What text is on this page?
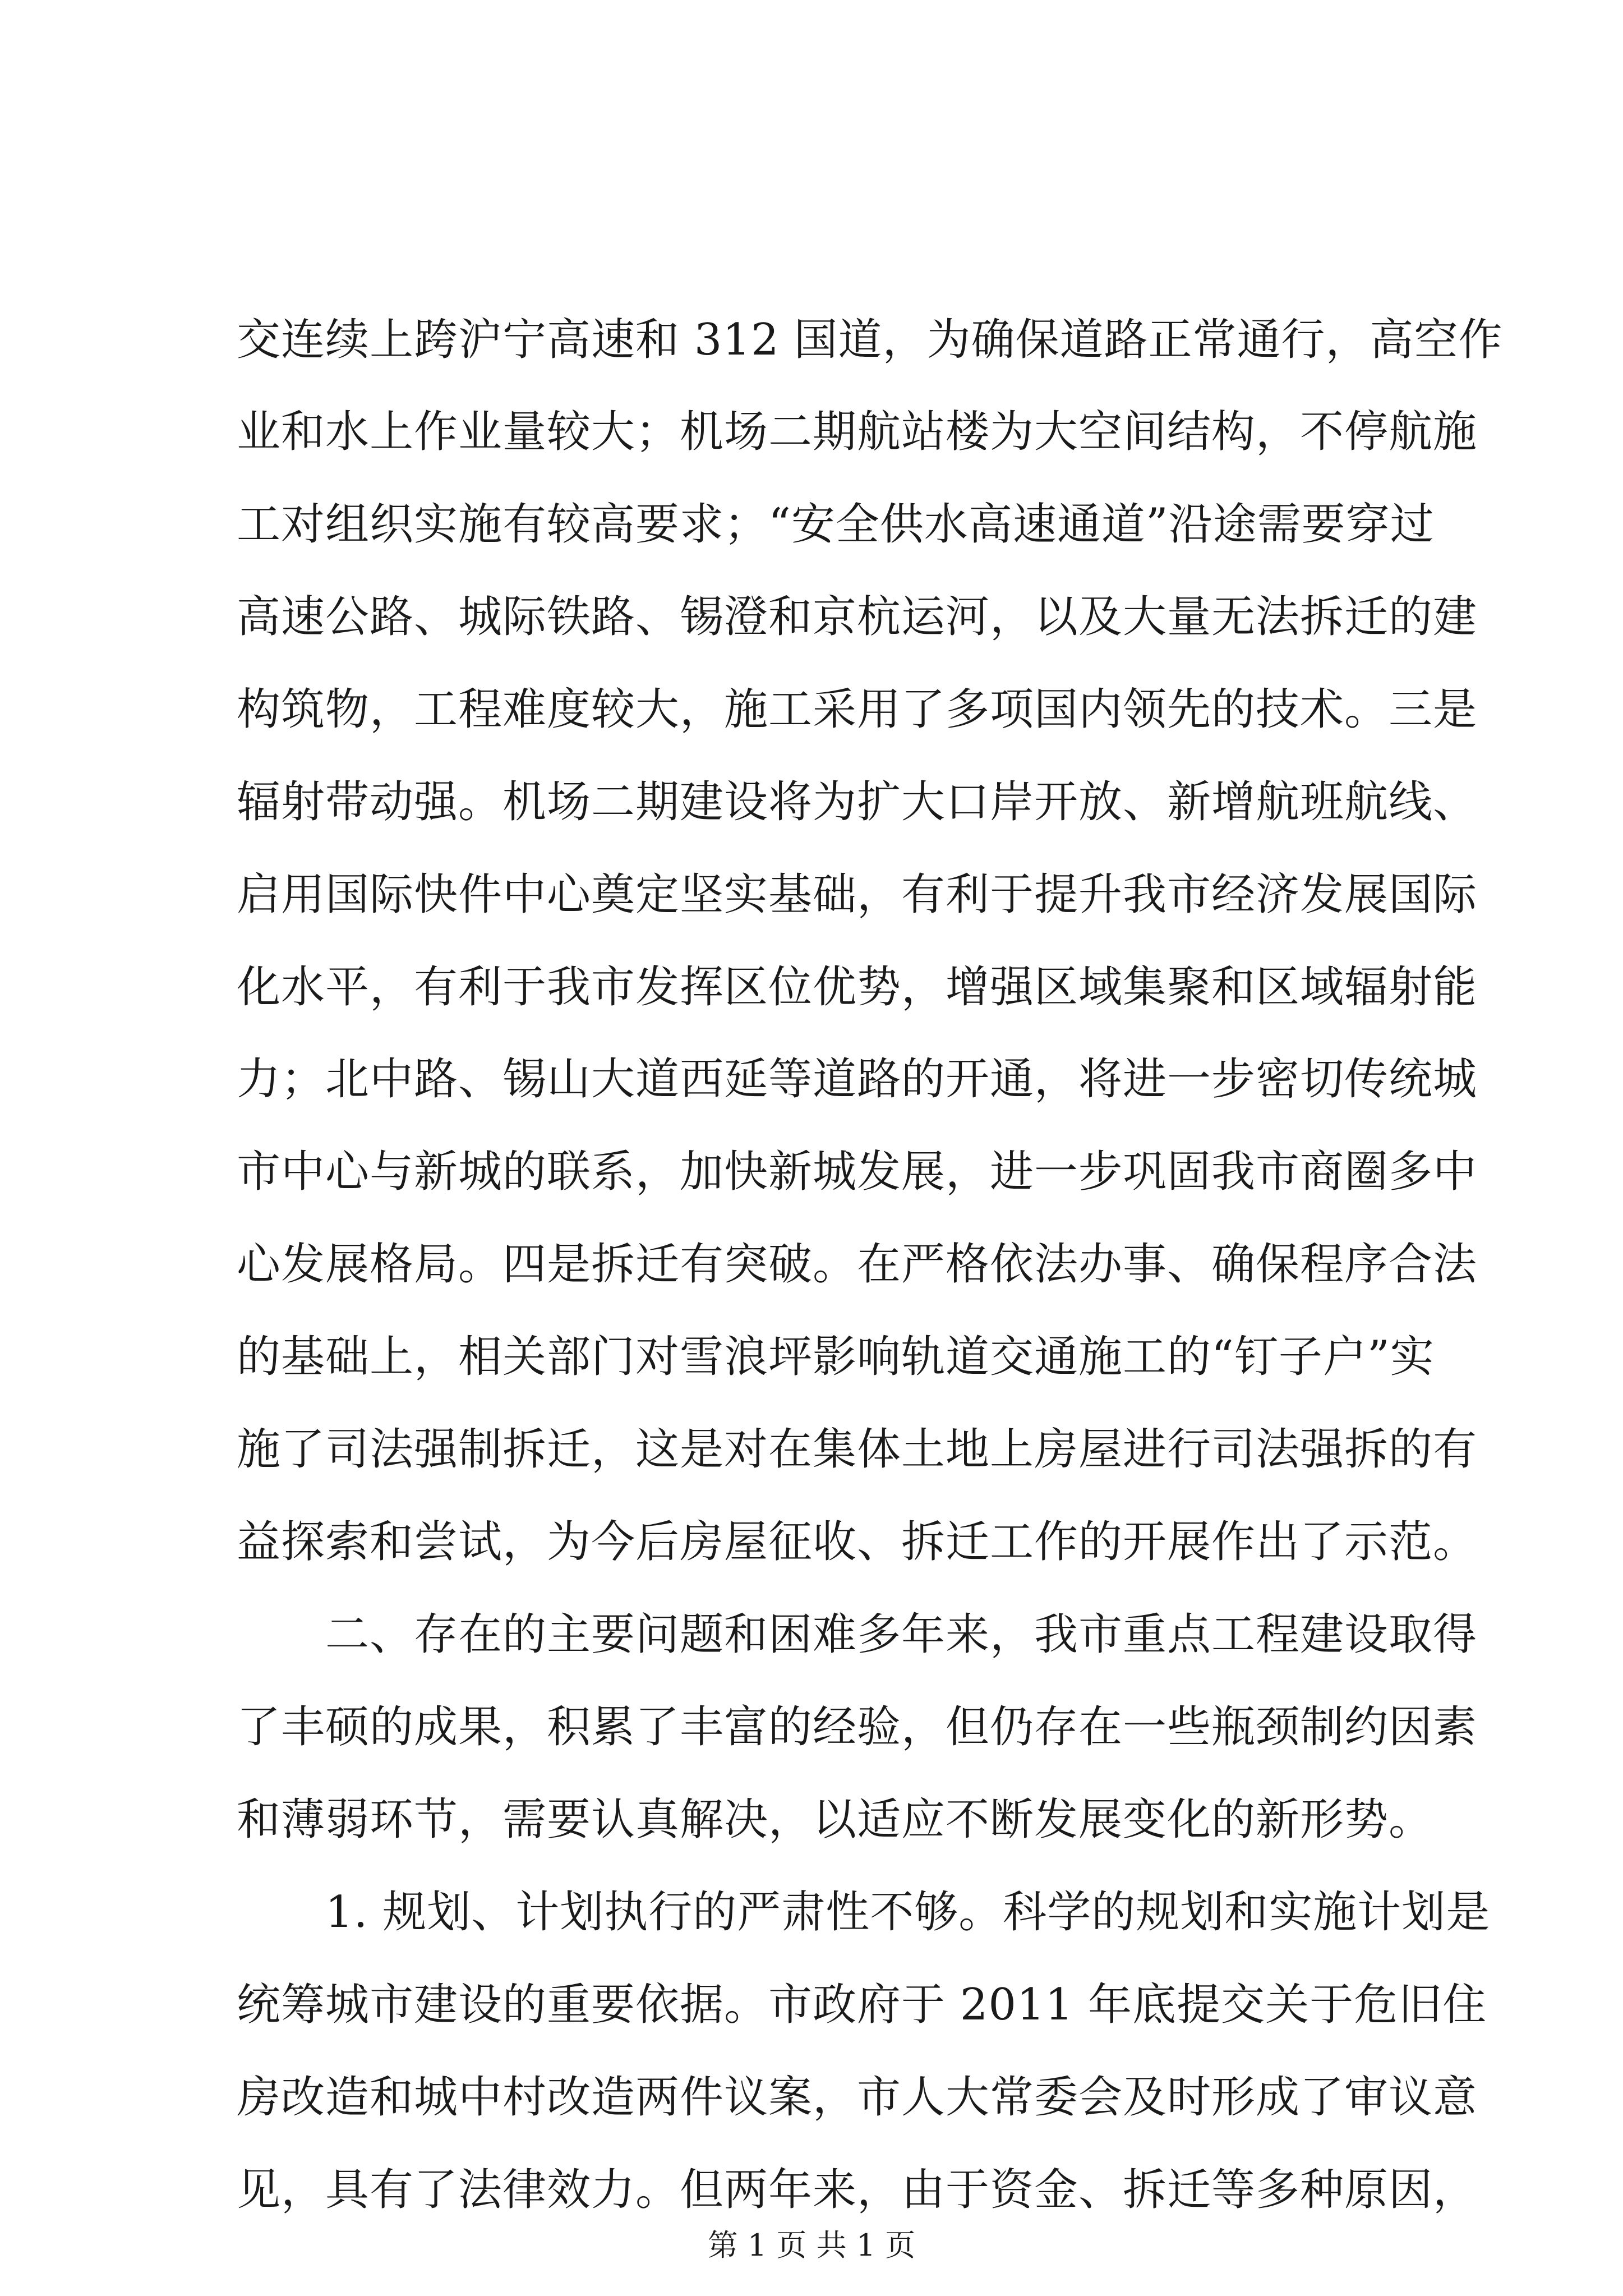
交连续上跨沪宁高速和 312 国道，为确保道路正常通行，高空作
业和水上作业量较大；机场二期航站楼为大空间结构，不停航施
工对组织实施有较高要求；“安全供水高速通道”沿途需要穿过
高速公路、城际铁路、锡澄和京杭运河，以及大量无法拆迁的建
构筑物，工程难度较大，施工采用了多项国内领先的技术。三是
辐射带动强。机场二期建设将为扩大口岸开放、新增航班航线、
启用国际快件中心奠定坚实基础，有利于提升我市经济发展国际
化水平，有利于我市发挥区位优势，增强区域集聚和区域辐射能
力；北中路、锡山大道西延等道路的开通，将进一步密切传统城
市中心与新城的联系，加快新城发展，进一步巩固我市商圈多中
心发展格局。四是拆迁有突破。在严格依法办事、确保程序合法
的基础上，相关部门对雪浪坪影响轨道交通施工的“钉子户”实
施了司法强制拆迁，这是对在集体土地上房屋进行司法强拆的有
益探索和尝试，为今后房屋征收、拆迁工作的开展作出了示范。
　　二、存在的主要问题和困难多年来，我市重点工程建设取得
了丰硕的成果，积累了丰富的经验，但仍存在一些瓶颈制约因素
和薄弱环节，需要认真解决，以适应不断发展变化的新形势。
　　1. 规划、计划执行的严肃性不够。科学的规划和实施计划是
统筹城市建设的重要依据。市政府于 2011 年底提交关于危旧住
房改造和城中村改造两件议案，市人大常委会及时形成了审议意
见，具有了法律效力。但两年来，由于资金、拆迁等多种原因，
第 1 页 共 1 页
